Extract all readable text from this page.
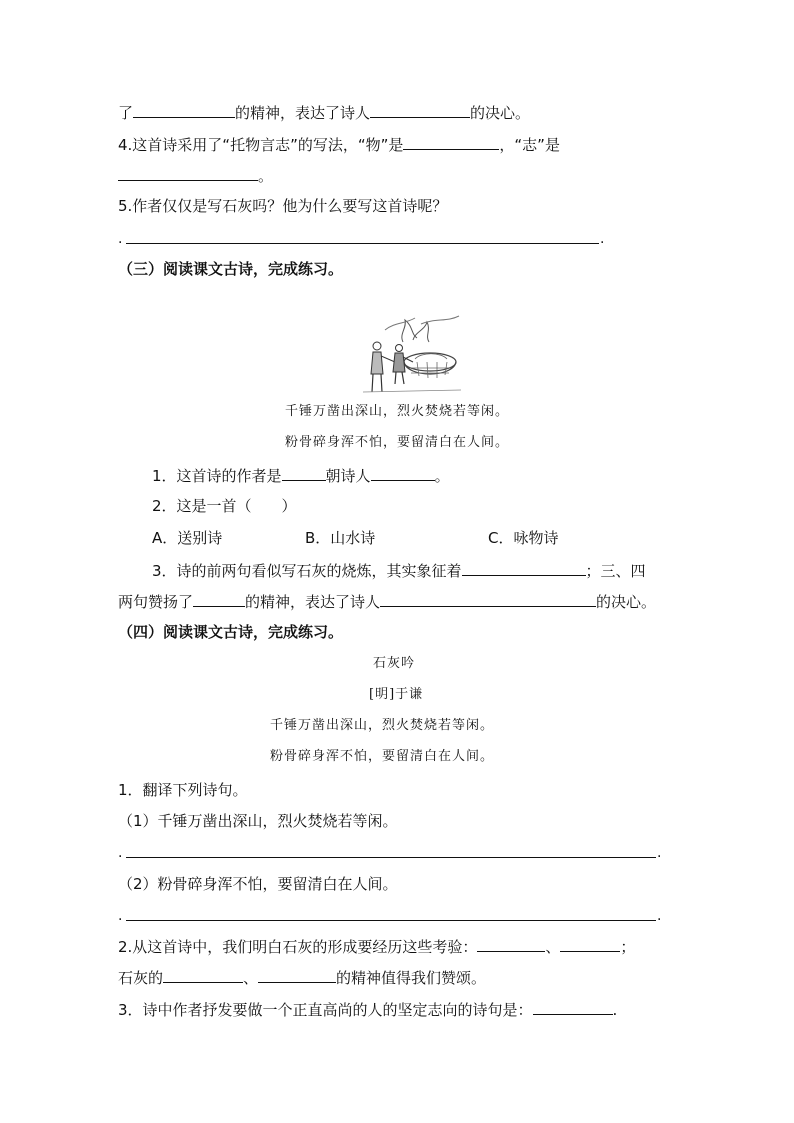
了	的精神，表达了诗人	的决心。
4.这首诗采用了“托物言志”的写法，“物”是	，“志”是
。
5.作者仅仅是写石灰吗？他为什么要写这首诗呢？
.	.
（三）阅读课文古诗，完成练习。
千锤万凿出深山，烈火焚烧若等闲。
粉骨碎身浑不怕，要留清白在人间。
1．这首诗的作者是	朝诗人	。
2．这是一首（　　）
A．送别诗	B．山水诗	C．咏物诗
3．诗的前两句看似写石灰的烧炼，其实象征着	；三、四
两句赞扬了	的精神，表达了诗人	的决心。
（四）阅读课文古诗，完成练习。
石灰吟
[明]于谦
千锤万凿出深山，烈火焚烧若等闲。
粉骨碎身浑不怕，要留清白在人间。
1．翻译下列诗句。
（1）千锤万凿出深山，烈火焚烧若等闲。
.	.
（2）粉骨碎身浑不怕，要留清白在人间。
.	.
2.从这首诗中，我们明白石灰的形成要经历这些考验：	、	；
石灰的	、	的精神值得我们赞颂。
3．诗中作者抒发要做一个正直高尚的人的坚定志向的诗句是：	.
